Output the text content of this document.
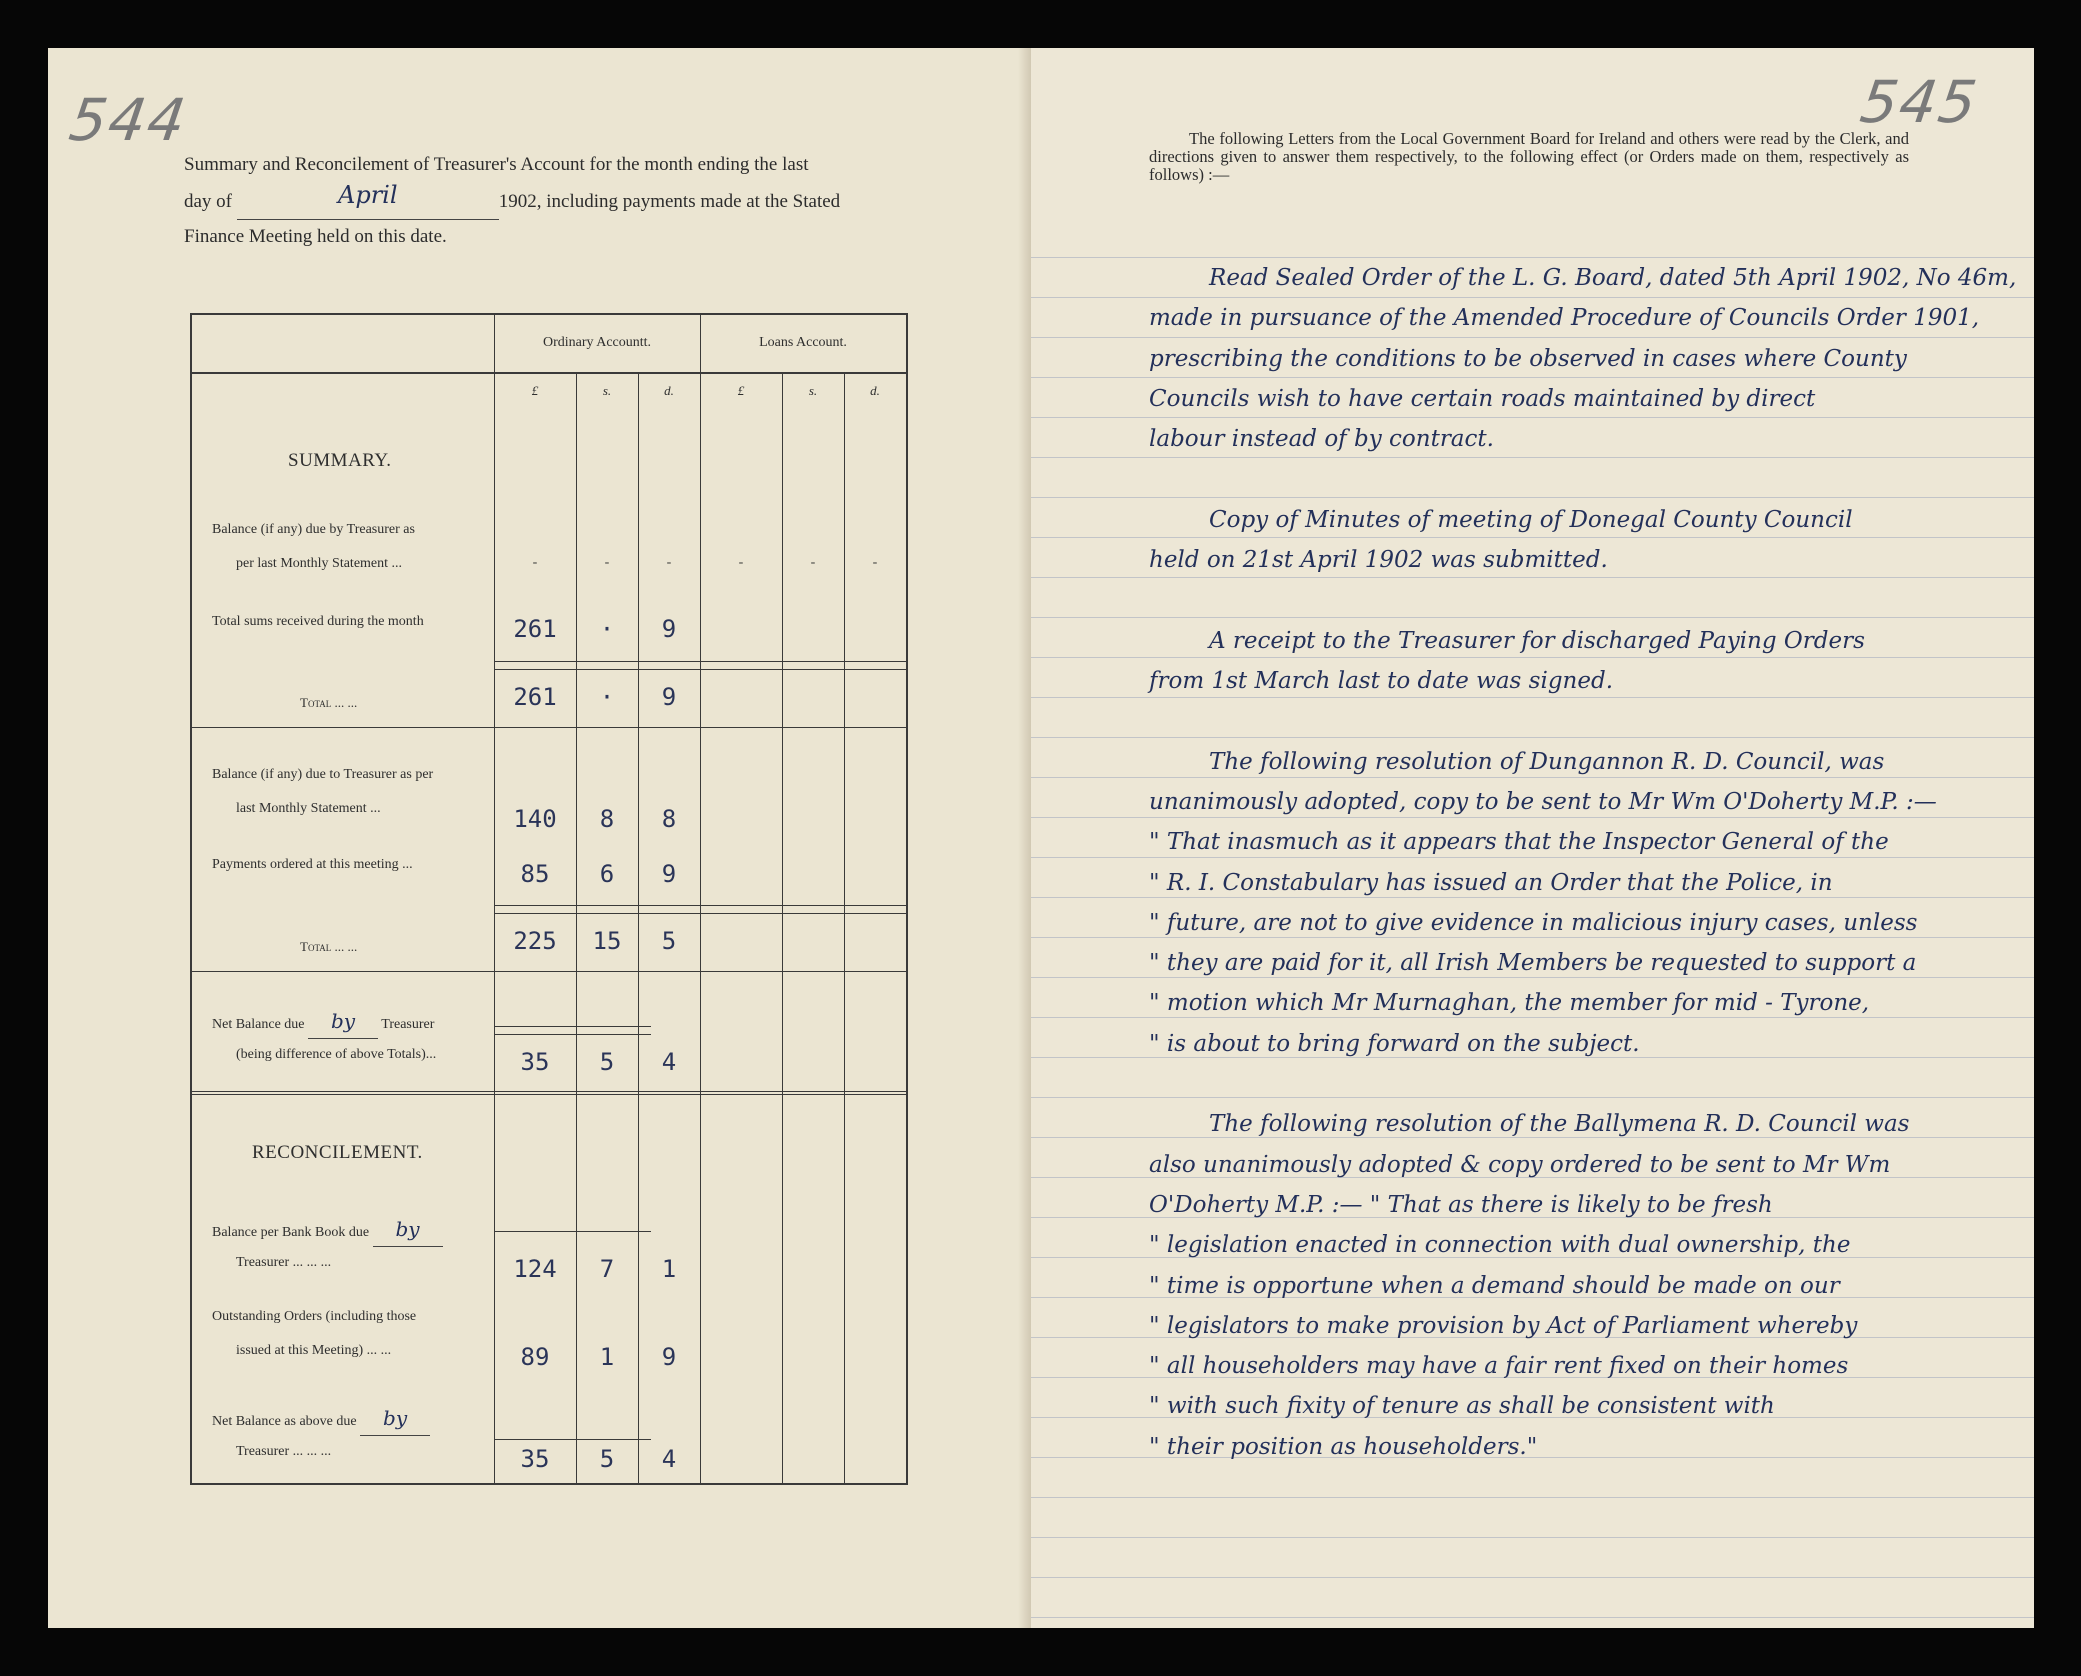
544
Summary and Reconcilement of Treasurer's Account for the month ending the last
day of	April	1902, including payments made at the Stated
Finance Meeting held on this date.
Ordinary Accountt.	Loans Account.
£	s.	d.	£	s.	d.
SUMMARY.
Balance (if any) due by Treasurer as
per last Monthly Statement ...	-	-	-	-	-	-
Total sums received during the month	261	·	9
Total ... ...	261	·	9
Balance (if any) due to Treasurer as per
last Monthly Statement ...	140	8	8
Payments ordered at this meeting ...	85	6	9
Total ... ...	225	15	5
Net Balance due by Treasurer
(being difference of above Totals)...	35	5	4
RECONCILEMENT.
Balance per Bank Book due by
Treasurer ... ... ...	124	7	1
Outstanding Orders (including those
issued at this Meeting) ... ...	89	1	9
Net Balance as above due by
Treasurer ... ... ...	35	5	4
545
The following Letters from the Local Government Board for Ireland and others were read by the Clerk, and directions given to answer them respectively, to the following effect (or Orders made on them, respectively as follows) :—
Read Sealed Order of the L. G. Board, dated 5th April 1902, No 46m,
made in pursuance of the Amended Procedure of Councils Order 1901,
prescribing the conditions to be observed in cases where County
Councils wish to have certain roads maintained by direct
labour instead of by contract.
Copy of Minutes of meeting of Donegal County Council
held on 21st April 1902 was submitted.
A receipt to the Treasurer for discharged Paying Orders
from 1st March last to date was signed.
The following resolution of Dungannon R. D. Council, was
unanimously adopted, copy to be sent to Mr Wm O'Doherty M.P. :—
" That inasmuch as it appears that the Inspector General of the
" R. I. Constabulary has issued an Order that the Police, in
" future, are not to give evidence in malicious injury cases, unless
" they are paid for it, all Irish Members be requested to support a
" motion which Mr Murnaghan, the member for mid - Tyrone,
" is about to bring forward on the subject.
The following resolution of the Ballymena R. D. Council was
also unanimously adopted & copy ordered to be sent to Mr Wm
O'Doherty M.P. :— " That as there is likely to be fresh
" legislation enacted in connection with dual ownership, the
" time is opportune when a demand should be made on our
" legislators to make provision by Act of Parliament whereby
" all householders may have a fair rent fixed on their homes
" with such fixity of tenure as shall be consistent with
" their position as householders."
